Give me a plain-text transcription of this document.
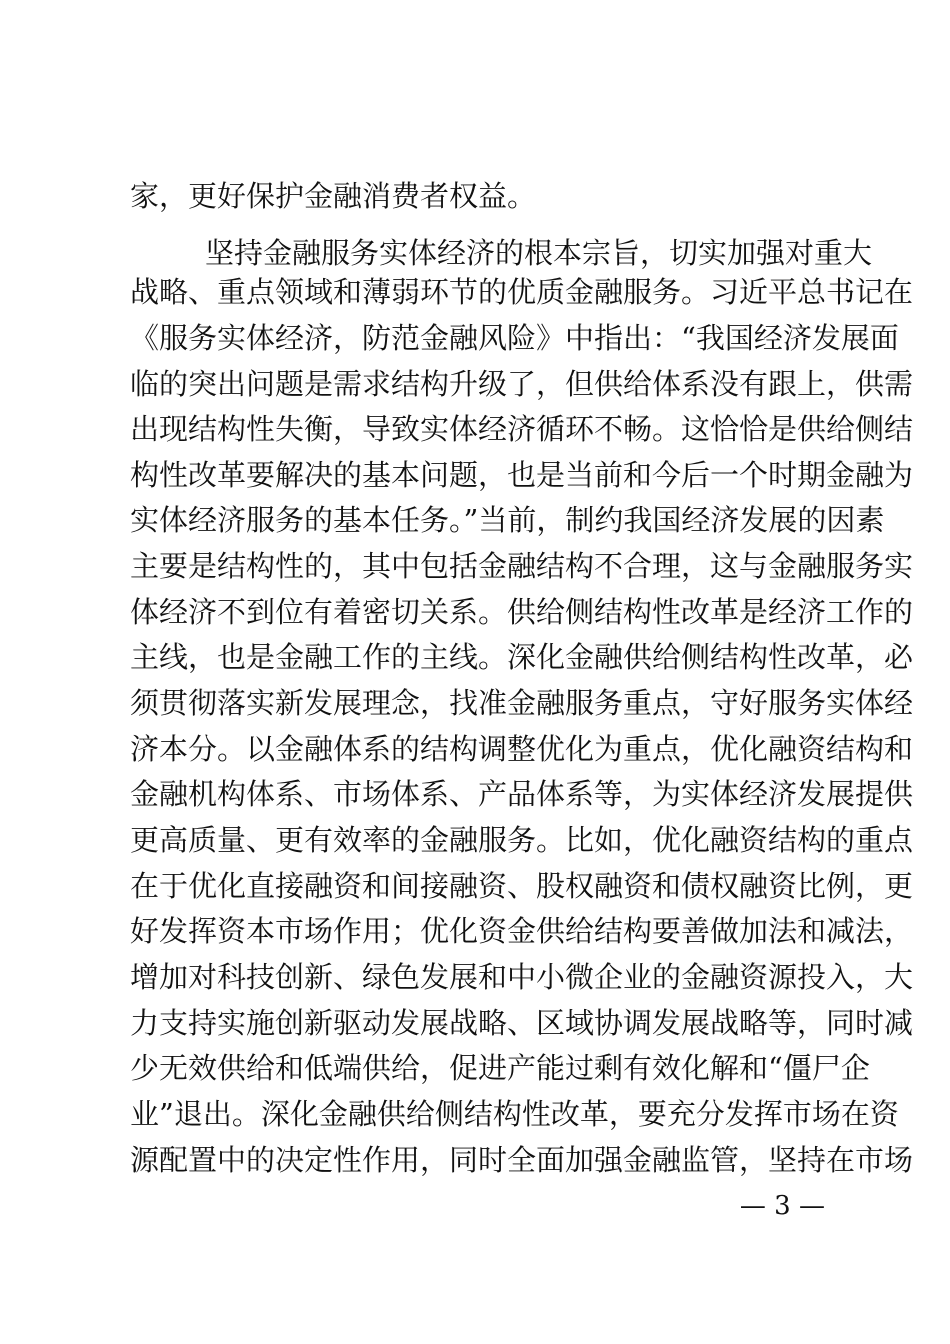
家，更好保护金融消费者权益。
坚持金融服务实体经济的根本宗旨，切实加强对重大
战略、重点领域和薄弱环节的优质金融服务。习近平总书记在
《服务实体经济，防范金融风险》中指出：“我国经济发展面
临的突出问题是需求结构升级了，但供给体系没有跟上，供需
出现结构性失衡，导致实体经济循环不畅。这恰恰是供给侧结
构性改革要解决的基本问题，也是当前和今后一个时期金融为
实体经济服务的基本任务。”当前，制约我国经济发展的因素
主要是结构性的，其中包括金融结构不合理，这与金融服务实
体经济不到位有着密切关系。供给侧结构性改革是经济工作的
主线，也是金融工作的主线。深化金融供给侧结构性改革，必
须贯彻落实新发展理念，找准金融服务重点，守好服务实体经
济本分。以金融体系的结构调整优化为重点，优化融资结构和
金融机构体系、市场体系、产品体系等，为实体经济发展提供
更高质量、更有效率的金融服务。比如，优化融资结构的重点
在于优化直接融资和间接融资、股权融资和债权融资比例，更
好发挥资本市场作用；优化资金供给结构要善做加法和减法，
增加对科技创新、绿色发展和中小微企业的金融资源投入，大
力支持实施创新驱动发展战略、区域协调发展战略等，同时减
少无效供给和低端供给，促进产能过剩有效化解和“僵尸企
业”退出。深化金融供给侧结构性改革，要充分发挥市场在资
源配置中的决定性作用，同时全面加强金融监管，坚持在市场
— 3 —
